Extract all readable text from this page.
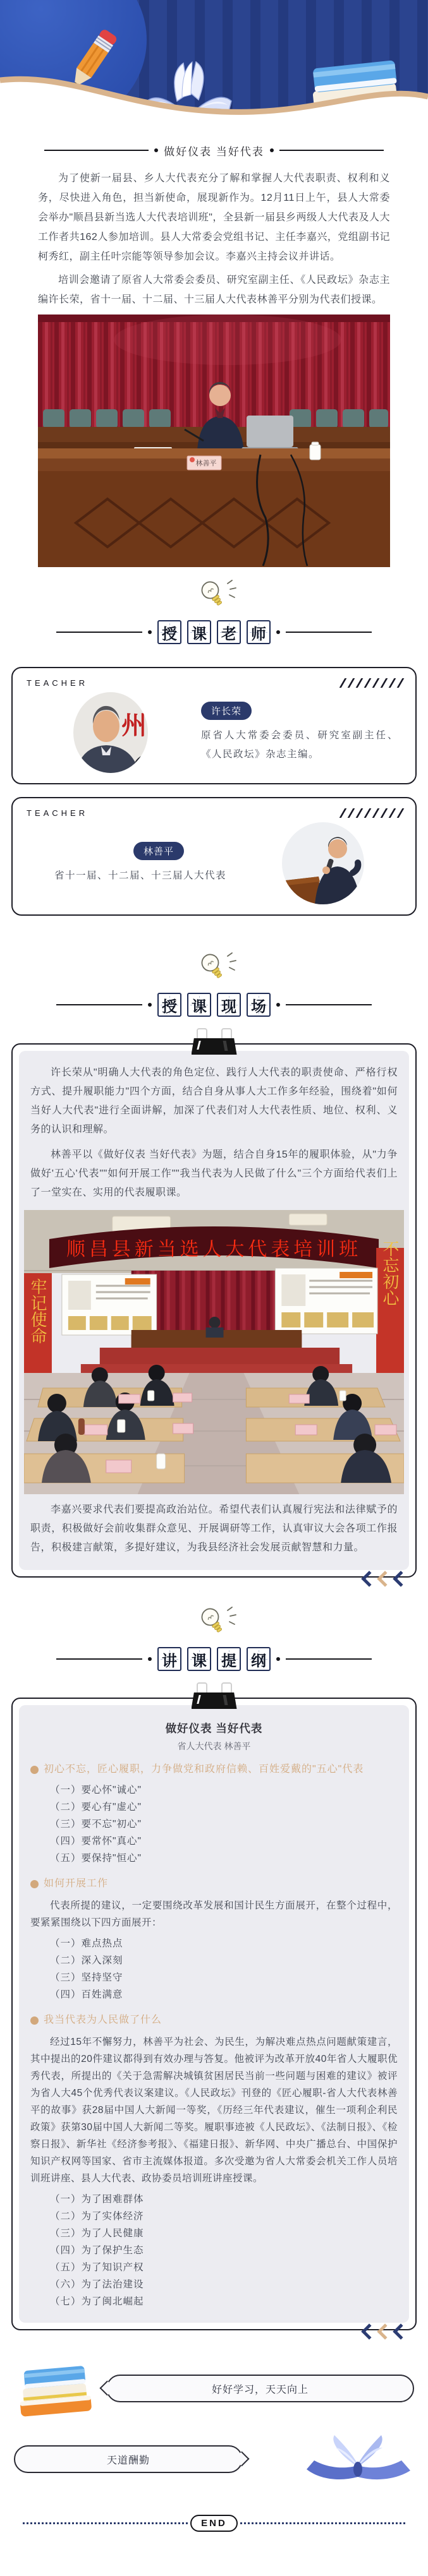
做好仪表 当好代表
为了使新一届县、乡人大代表充分了解和掌握人大代表职责、权利和义务，尽快进入角色，担当新使命，展现新作为。12月11日上午，县人大常委会举办"顺昌县新当选人大代表培训班"，全县新一届县乡两级人大代表及人大工作者共162人参加培训。县人大常委会党组书记、主任李嘉兴，党组副书记柯秀红，副主任叶宗能等领导参加会议。李嘉兴主持会议并讲话。
培训会邀请了原省人大常委会委员、研究室副主任、《人民政坛》杂志主编许长荣，省十一届、十二届、十三届人大代表林善平分别为代表们授课。
林善平
授 课 老 师
TEACHER
州
许长荣
原省人大常委会委员、研究室副主任、《人民政坛》杂志主编。
TEACHER
林善平
省十一届、十二届、十三届人大代表
授 课 现 场
许长荣从"明确人大代表的角色定位、践行人大代表的职责使命、严格行权方式、提升履职能力"四个方面，结合自身从事人大工作多年经验，围绕着"如何当好人大代表"进行全面讲解，加深了代表们对人大代表性质、地位、权利、义务的认识和理解。
林善平以《做好仪表 当好代表》为题，结合自身15年的履职体验，从"力争做好'五心'代表""如何开展工作""我当代表为人民做了什么"三个方面给代表们上了一堂实在、实用的代表履职课。
顺昌县新当选人大代表培训班
牢记使命
不忘初心
李嘉兴要求代表们要提高政治站位。希望代表们认真履行宪法和法律赋予的职责，积极做好会前收集群众意见、开展调研等工作，认真审议大会各项工作报告，积极建言献策，多提好建议，为我县经济社会发展贡献智慧和力量。
讲 课 提 纲
做好仪表 当好代表
省人大代表 林善平
初心不忘，匠心履职，力争做党和政府信赖、百姓爱戴的"五心"代表
（一）要心怀"诚心"
（二）要心有"虚心"
（三）要不忘"初心"
（四）要常怀"真心"
（五）要保持"恒心"
如何开展工作
代表所提的建议，一定要围绕改革发展和国计民生方面展开，在整个过程中，要紧紧围绕以下四方面展开：
（一）难点热点
（二）深入深刻
（三）坚持坚守
（四）百姓满意
我当代表为人民做了什么
经过15年不懈努力，林善平为社会、为民生，为解决难点热点问题献策建言，其中提出的20件建议都得到有效办理与答复。他被评为改革开放40年省人大履职优秀代表，所提出的《关于急需解决城镇贫困居民当前一些问题与困难的建议》被评为省人大45个优秀代表议案建议。《人民政坛》刊登的《匠心履职-省人大代表林善平的故事》获28届中国人大新闻一等奖，《历经三年代表建议，催生一项利企利民政策》获第30届中国人大新闻二等奖。履职事迹被《人民政坛》、《法制日报》、《检察日报》、新华社《经济参考报》、《福建日报》、新华网、中央广播总台、中国保护知识产权网等国家、省市主流媒体报道。多次受邀为省人大常委会机关工作人员培训班讲座、县人大代表、政协委员培训班讲座授课。
（一）为了困难群体
（二）为了实体经济
（三）为了人民健康
（四）为了保护生态
（五）为了知识产权
（六）为了法治建设
（七）为了闽北崛起
好好学习，天天向上
天道酬勤
END
